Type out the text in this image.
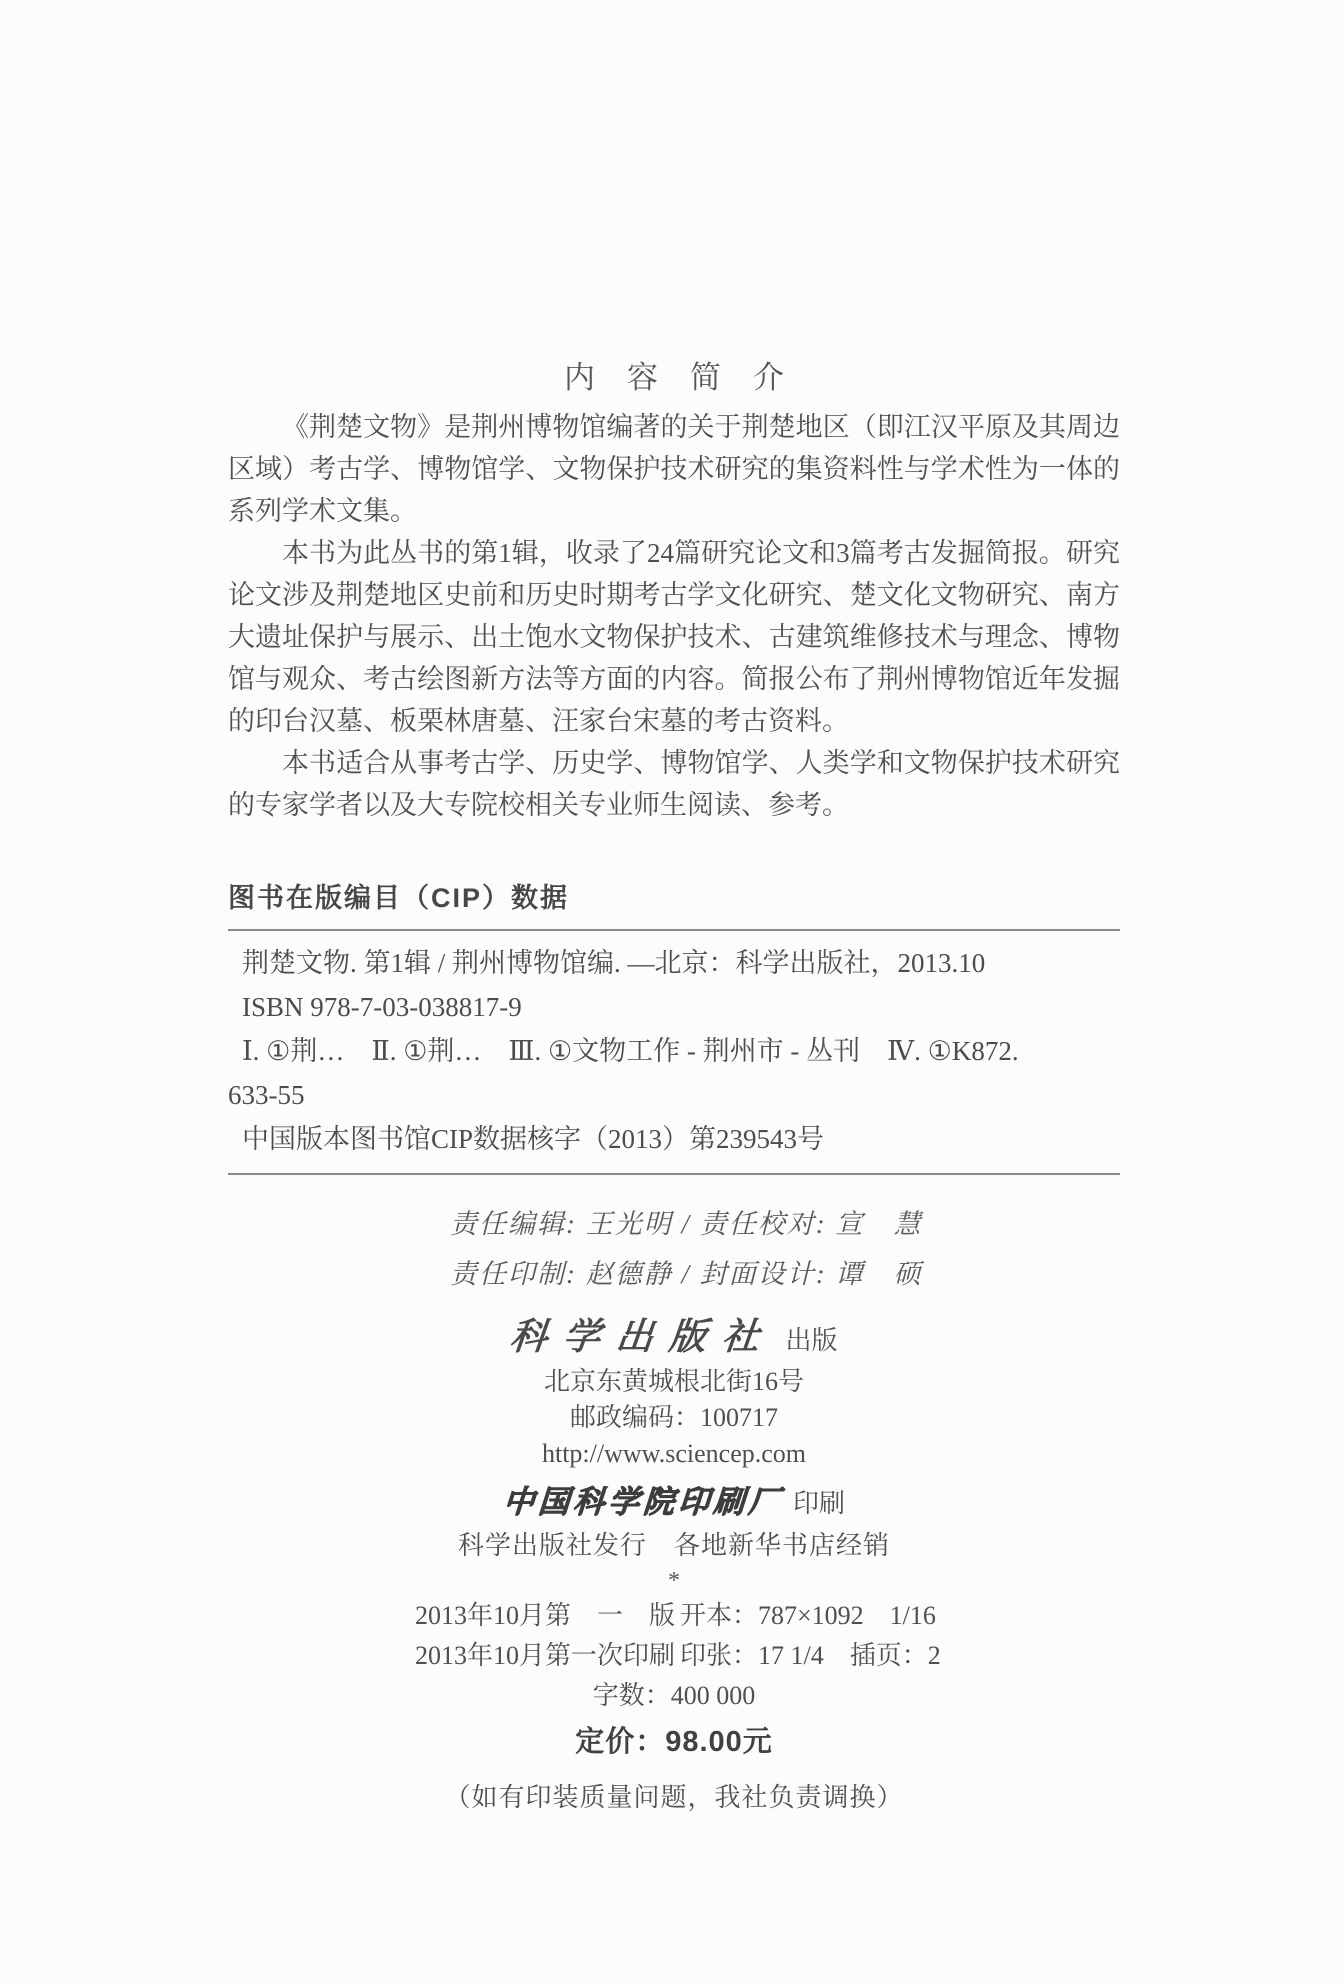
内容简介

《荆楚文物》是荆州博物馆编著的关于荆楚地区（即江汉平原及其周边区域）考古学、博物馆学、文物保护技术研究的集资料性与学术性为一体的系列学术文集。

本书为此丛书的第1辑，收录了24篇研究论文和3篇考古发掘简报。研究论文涉及荆楚地区史前和历史时期考古学文化研究、楚文化文物研究、南方大遗址保护与展示、出土饱水文物保护技术、古建筑维修技术与理念、博物馆与观众、考古绘图新方法等方面的内容。简报公布了荆州博物馆近年发掘的印台汉墓、板栗林唐墓、汪家台宋墓的考古资料。

本书适合从事考古学、历史学、博物馆学、人类学和文物保护技术研究的专家学者以及大专院校相关专业师生阅读、参考。

图书在版编目（CIP）数据
荆楚文物. 第1辑 / 荆州博物馆编. —北京：科学出版社，2013.10
ISBN 978-7-03-038817-9
Ⅰ. ①荆…　Ⅱ. ①荆…　Ⅲ. ①文物工作 - 荆州市 - 丛刊　Ⅳ. ①K872.
633-55
中国版本图书馆CIP数据核字（2013）第239543号
责任编辑: 王光明 / 责任校对: 宣　慧
责任印制: 赵德静 / 封面设计: 谭　硕
科学出版社 出版
北京东黄城根北街16号
邮政编码：100717
http://www.sciencep.com
中国科学院印刷厂 印刷
科学出版社发行　各地新华书店经销
*
2013年10月第　一　版 开本：787×1092　1/16
2013年10月第一次印刷 印张：17 1/4　插页：2
字数：400 000
定价：98.00元
（如有印装质量问题，我社负责调换）
